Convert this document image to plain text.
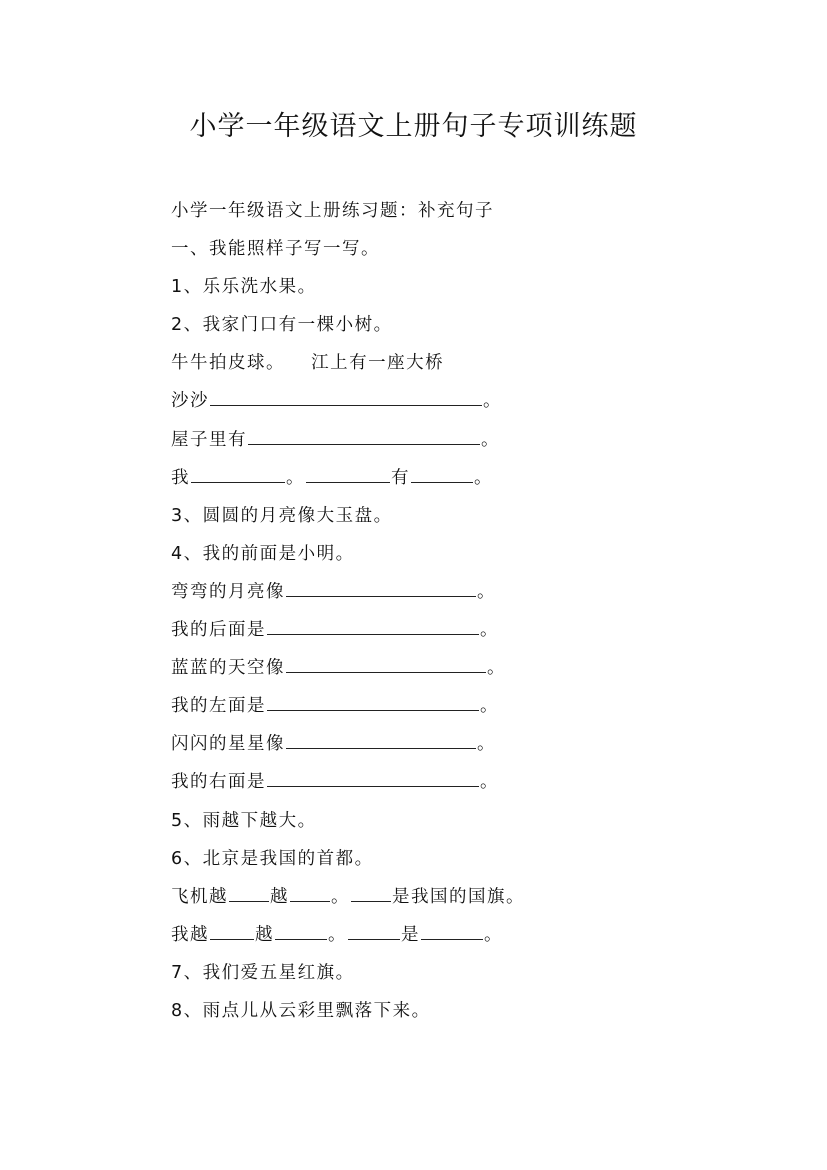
小学一年级语文上册句子专项训练题
小学一年级语文上册练习题：补充句子
一、我能照样子写一写。
1、乐乐洗水果。
2、我家门口有一棵小树。
牛牛拍皮球。 江上有一座大桥
沙沙	。
屋子里有	。
我	。	有	。
3、圆圆的月亮像大玉盘。
4、我的前面是小明。
弯弯的月亮像	。
我的后面是	。
蓝蓝的天空像	。
我的左面是	。
闪闪的星星像	。
我的右面是	。
5、雨越下越大。
6、北京是我国的首都。
飞机越 越 。 是我国的国旗。
我越	越	。	是	。
7、我们爱五星红旗。
8、雨点儿从云彩里飘落下来。
